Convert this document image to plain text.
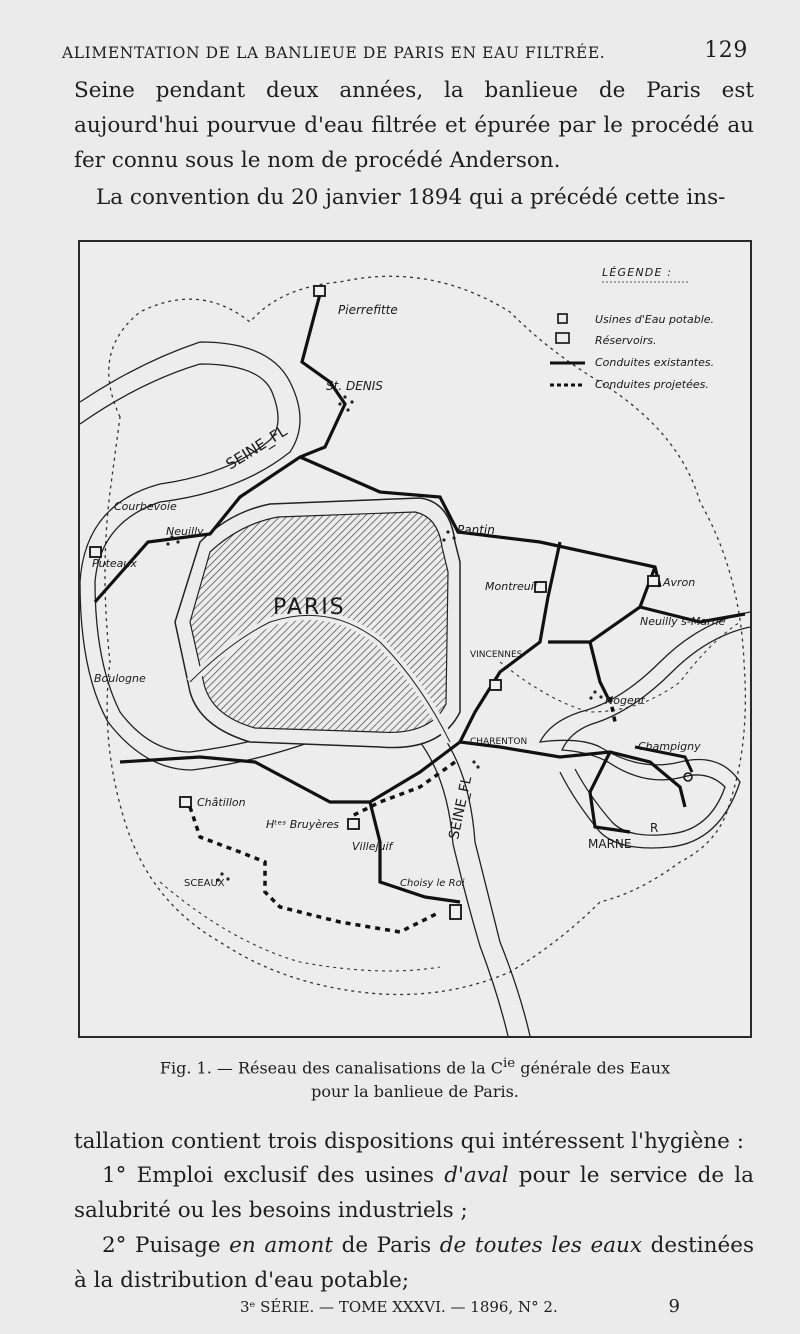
ALIMENTATION DE LA BANLIEUE DE PARIS EN EAU FILTRÉE.	129
Seine pendant deux années, la banlieue de Paris est aujourd'hui pourvue d'eau filtrée et épurée par le procédé au fer connu sous le nom de procédé Anderson.
La convention du 20 janvier 1894 qui a précédé cette ins-
PARIS
SEINE_FL
SEINE_FL
MARNE
R
Pierrefitte
St. DENIS
Courbevoie
Neuilly
Puteaux
Boulogne
Pantin
Montreuil	Avron
Neuilly s-Marne
VINCENNES
Nogent
CHARENTON	Champigny
Châtillon
Hᵗᵉˢ Bruyères
Villejuif
SCEAUX	Choisy le Roi
LÉGENDE :
Usines d'Eau potable.
Réservoirs.
Conduites existantes.
Conduites projetées.
Fig. 1. — Réseau des canalisations de la $C^{ie}$ générale des Eaux
pour la banlieue de Paris.
tallation contient trois dispositions qui intéressent l'hygiène :
1° Emploi exclusif des usines d'aval pour le service de la salubrité ou les besoins industriels ;
2° Puisage en amont de Paris de toutes les eaux destinées à la distribution d'eau potable;
3ᵉ SÉRIE. — TOME XXXVI. — 1896, N° 2.	9
